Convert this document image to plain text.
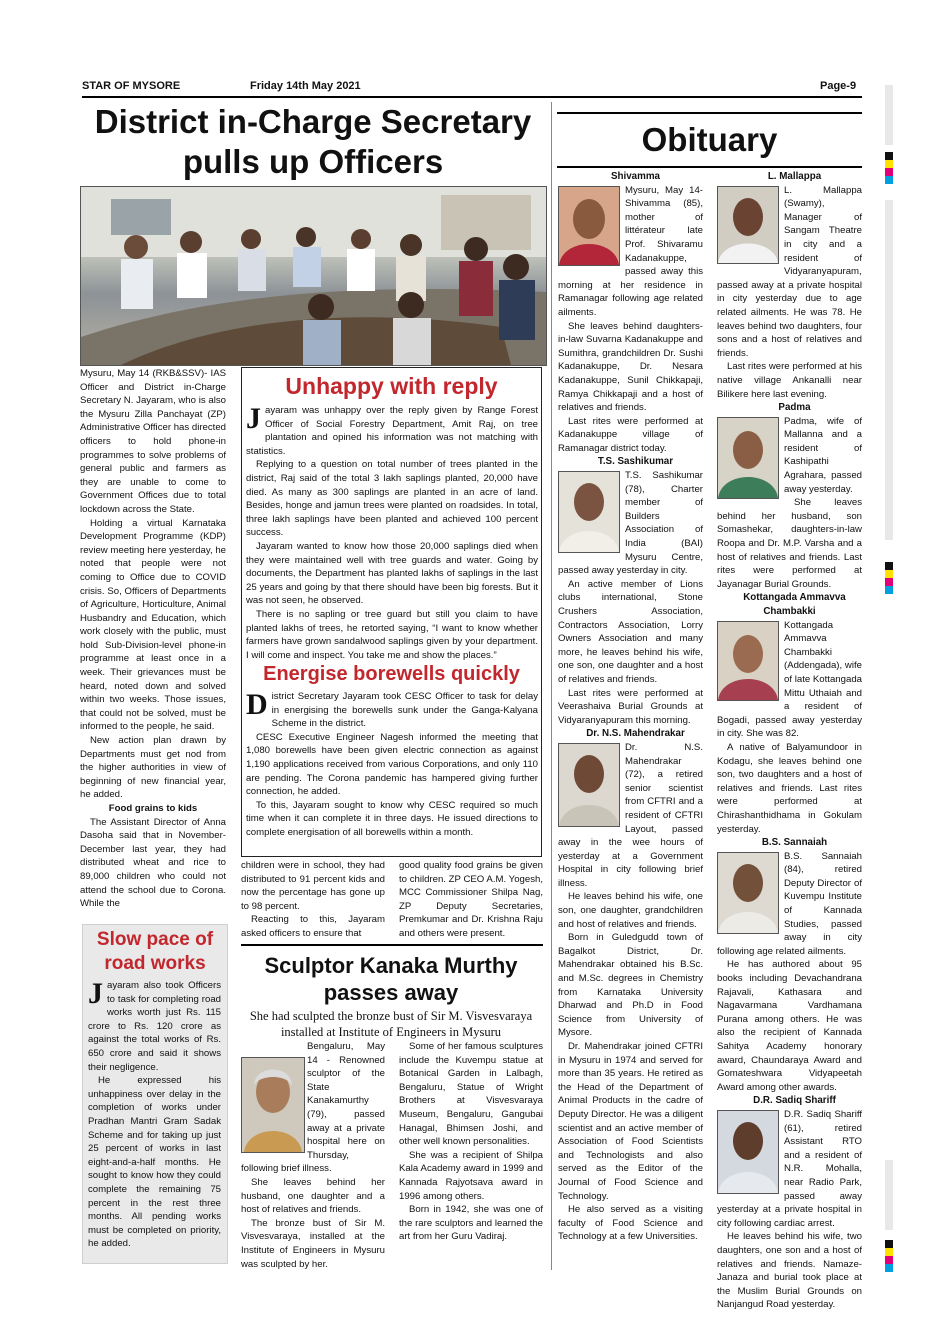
STAR OF MYSORE	Friday 14th May 2021	Page-9
District in-Charge Secretary
pulls up Officers

Mysuru, May 14 (RKB&SSV)- IAS Officer and District in-Charge Secretary N. Jayaram, who is also the Mysuru Zilla Panchayat (ZP) Administrative Officer has directed officers to hold phone-in programmes to solve problems of general public and farmers as they are unable to come to Government Offices due to total lockdown across the State.

Holding a virtual Karnataka Development Programme (KDP) review meeting here yesterday, he noted that people were not coming to Office due to COVID crisis. So, Officers of Departments of Agriculture, Horticulture, Animal Husbandry and Education, which work closely with the public, must hold Sub-Division-level phone-in programme at least once in a week. Their grievances must be heard, noted down and solved within two weeks. Those issues, that could not be solved, must be informed to the people, he said.

New action plan drawn by Departments must get nod from the higher authorities in view of beginning of new financial year, he added.

Food grains to kids

The Assistant Director of Anna Dasoha said that in November-December last year, they had distributed wheat and rice to 89,000 children who could not attend the school due to Corona. While the

Unhappy with reply
J ayaram was unhappy over the reply given by Range Forest Officer of Social Forestry Department, Amit Raj, on tree plantation and opined his information was not matching with statistics.

Replying to a question on total number of trees planted in the district, Raj said of the total 3 lakh saplings planted, 20,000 have died. As many as 300 saplings are planted in an acre of land. Besides, honge and jamun trees were planted on roadsides. In total, three lakh saplings have been planted and achieved 100 percent success.

Jayaram wanted to know how those 20,000 saplings died when they were maintained well with tree guards and water. Going by documents, the Department has planted lakhs of saplings in the last 25 years and going by that there should have been big forests. But it was not seen, he observed.

There is no sapling or tree guard but still you claim to have planted lakhs of trees, he retorted saying, “I want to know whether farmers have grown sandalwood saplings given by your department. I will come and inspect. You take me and show the places.”

Energise borewells quickly
D istrict Secretary Jayaram took CESC Officer to task for delay in energising the borewells sunk under the Ganga-Kalyana Scheme in the district.

CESC Executive Engineer Nagesh informed the meeting that 1,080 borewells have been given electric connection as against 1,190 applications received from various Corporations, and only 110 are pending. The Corona pandemic has hampered giving further connection, he added.

To this, Jayaram sought to know why CESC required so much time when it can complete it in three days. He issued directions to complete energisation of all borewells within a month.

children were in school, they had distributed to 91 percent kids and now the percentage has gone up to 98 percent.

Reacting to this, Jayaram asked officers to ensure that

good quality food grains be given to children. ZP CEO A.M. Yogesh, MCC Commissioner Shilpa Nag, ZP Deputy Secretaries, Premkumar and Dr. Krishna Raju and others were present.

Slow pace of
road works
J ayaram also took Officers to task for completing road works worth just Rs. 115 crore to Rs. 120 crore as against the total works of Rs. 650 crore and said it shows their negligence.

He expressed his unhappiness over delay in the completion of works under Pradhan Mantri Gram Sadak Scheme and for taking up just 25 percent of works in last eight-and-a-half months. He sought to know how they could complete the remaining 75 percent in the rest three months. All pending works must be completed on priority, he added.

Sculptor Kanaka Murthy
passes away
She had sculpted the bronze bust of Sir M. Visvesvaraya
installed at Institute of Engineers in Mysuru

Bengaluru, May 14 - Renowned sculptor of the State Kanakamurthy (79), passed away at a private hospital here on Thursday, following brief illness.

She leaves behind her husband, one daughter and a host of relatives and friends.

The bronze bust of Sir M. Visvesvaraya, installed at the Institute of Engineers in Mysuru was sculpted by her.

Some of her famous sculptures include the Kuvempu statue at Botanical Garden in Lalbagh, Bengaluru, Statue of Wright Brothers at Visvesvaraya Museum, Bengaluru, Gangubai Hanagal, Bhimsen Joshi, and other well known personalities.

She was a recipient of Shilpa Kala Academy award in 1999 and Kannada Rajyotsava award in 1996 among others.

Born in 1942, she was one of the rare sculptors and learned the art from her Guru Vadiraj.

Obituary

Shivamma

Mysuru, May 14- Shivamma (85), mother of littérateur late Prof. Shivaramu Kadanakuppe, passed away this morning at her residence in Ramanagar following age related ailments.

She leaves behind daughters-in-law Suvarna Kadanakuppe and Sumithra, grandchildren Dr. Sushi Kadanakuppe, Dr. Nesara Kadanakuppe, Sunil Chikkapaji, Ramya Chikkapaji and a host of relatives and friends.

Last rites were performed at Kadanakuppe village of Ramanagar district today.

T.S. Sashikumar

T.S. Sashikumar (78), Charter member of Builders Association of India (BAI) Mysuru Centre, passed away yesterday in city.

An active member of Lions clubs international, Stone Crushers Association, Contractors Association, Lorry Owners Association and many more, he leaves behind his wife, one son, one daughter and a host of relatives and friends.

Last rites were performed at Veerashaiva Burial Grounds at Vidyaranyapuram this morning.

Dr. N.S. Mahendrakar

Dr. N.S. Mahendrakar (72), a retired senior scientist from CFTRI and a resident of CFTRI Layout, passed away in the wee hours of yesterday at a Government Hospital in city following brief illness.

He leaves behind his wife, one son, one daughter, grandchildren and host of relatives and friends.

Born in Guledgudd town of Bagalkot District, Dr. Mahendrakar obtained his B.Sc. and M.Sc. degrees in Chemistry from Karnataka University Dharwad and Ph.D in Food Science from University of Mysore.

Dr. Mahendrakar joined CFTRI in Mysuru in 1974 and served for more than 35 years. He retired as the Head of the Department of Animal Products in the cadre of Deputy Director. He was a diligent scientist and an active member of Association of Food Scientists and Technologists and also served as the Editor of the Journal of Food Science and Technology.

He also served as a visiting faculty of Food Science and Technology at a few Universities.

L. Mallappa

L. Mallappa (Swamy), Manager of Sangam Theatre in city and a resident of Vidyaranyapuram, passed away at a private hospital in city yesterday due to age related ailments. He was 78. He leaves behind two daughters, four sons and a host of relatives and friends.

Last rites were performed at his native village Ankanalli near Bilikere here last evening.

Padma

Padma, wife of Mallanna and a resident of Kashipathi Agrahara, passed away yesterday.

She leaves behind her husband, son Somashekar, daughters-in-law Roopa and Dr. M.P. Varsha and a host of relatives and friends. Last rites were performed at Jayanagar Burial Grounds.

Kottangada Ammavva Chambakki

Kottangada Ammavva Chambakki (Addengada), wife of late Kottangada Mittu Uthaiah and a resident of Bogadi, passed away yesterday in city. She was 82.

A native of Balyamundoor in Kodagu, she leaves behind one son, two daughters and a host of relatives and friends. Last rites were performed at Chirashanthidhama in Gokulam yesterday.

B.S. Sannaiah

B.S. Sannaiah (84), retired Deputy Director of Kuvempu Institute of Kannada Studies, passed away in city following age related ailments.

He has authored about 95 books including Devachandrana Rajavali, Kathasara and Nagavarmana Vardhamana Purana among others. He was also the recipient of Kannada Sahitya Academy honorary award, Chaundaraya Award and Gomateshwara Vidyapeetah Award among other awards.

D.R. Sadiq Shariff

D.R. Sadiq Shariff (61), retired Assistant RTO and a resident of N.R. Mohalla, near Radio Park, passed away yesterday at a private hospital in city following cardiac arrest.

He leaves behind his wife, two daughters, one son and a host of relatives and friends. Namaze-Janaza and burial took place at the Muslim Burial Grounds on Nanjangud Road yesterday.
